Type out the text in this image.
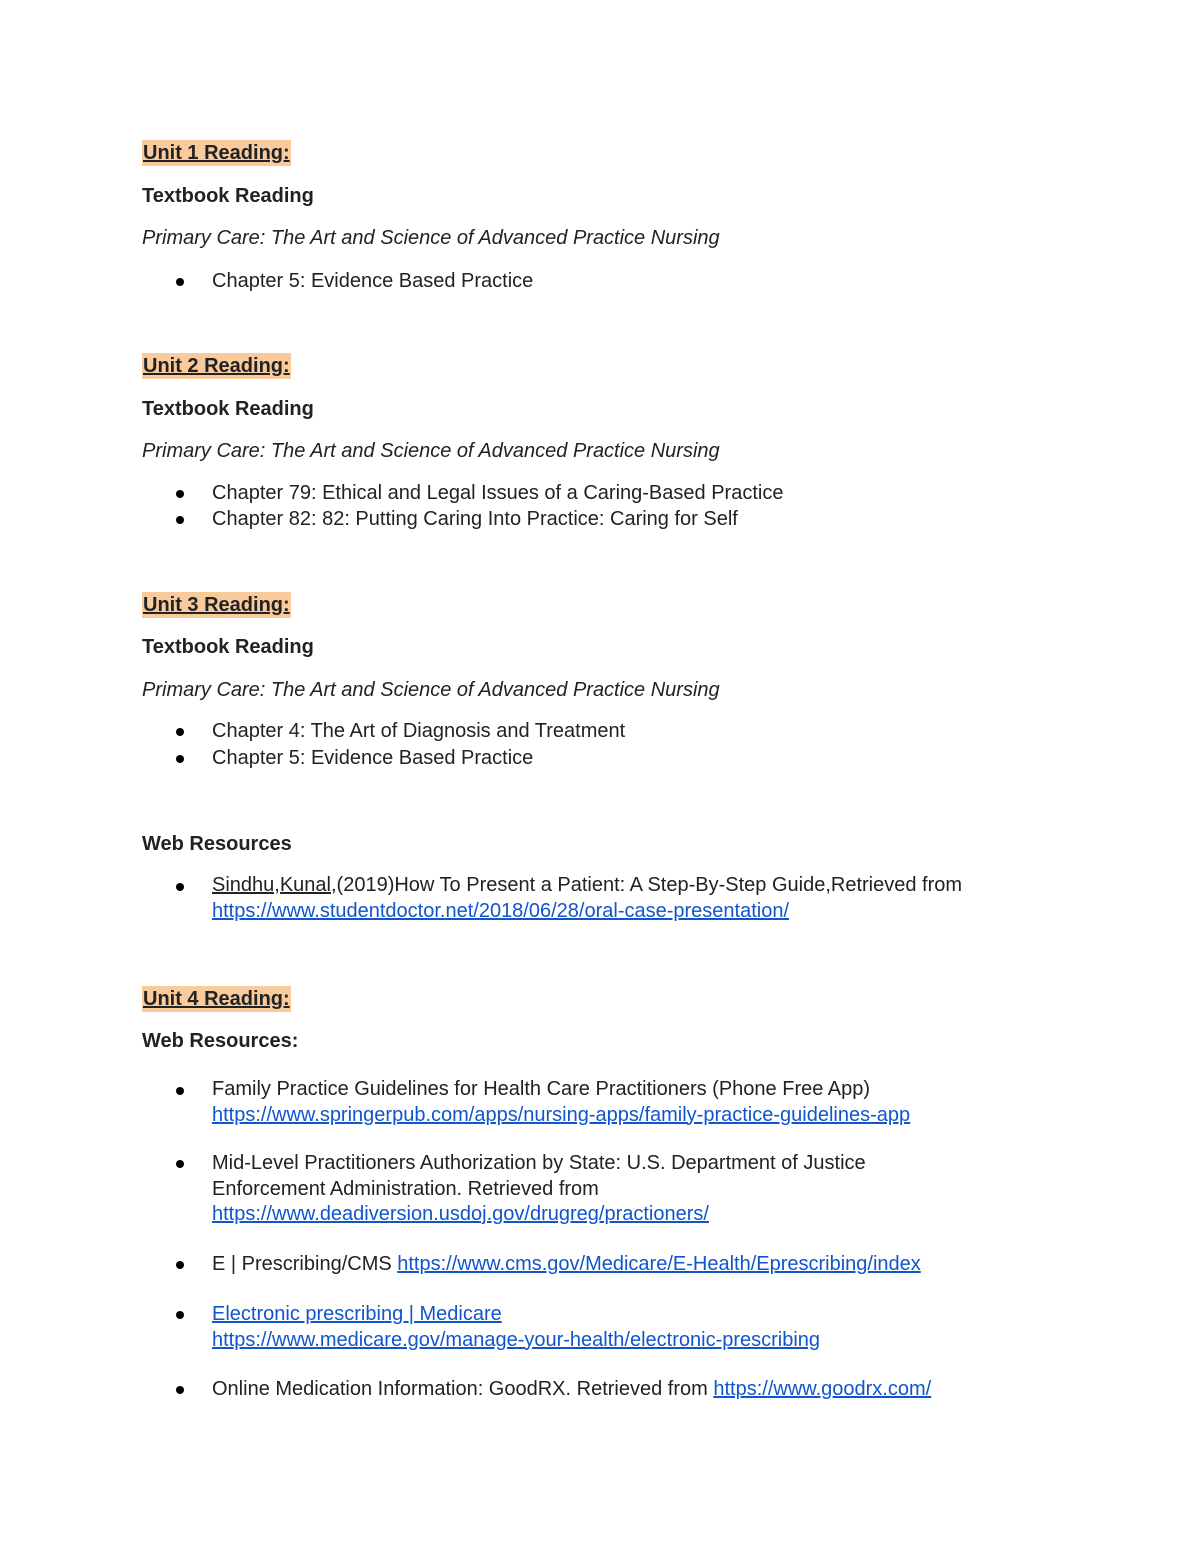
Unit 1 Reading:
Textbook Reading
Primary Care: The Art and Science of Advanced Practice Nursing
Chapter 5: Evidence Based Practice
Unit 2 Reading:
Textbook Reading
Primary Care: The Art and Science of Advanced Practice Nursing
Chapter 79: Ethical and Legal Issues of a Caring-Based Practice
Chapter 82: 82: Putting Caring Into Practice: Caring for Self
Unit 3 Reading:
Textbook Reading
Primary Care: The Art and Science of Advanced Practice Nursing
Chapter 4: The Art of Diagnosis and Treatment
Chapter 5: Evidence Based Practice
Web Resources
Sindhu,Kunal,(2019)How To Present a Patient: A Step-By-Step Guide,Retrieved from
https://www.studentdoctor.net/2018/06/28/oral-case-presentation/
Unit 4 Reading:
Web Resources:
Family Practice Guidelines for Health Care Practitioners (Phone Free App)
https://www.springerpub.com/apps/nursing-apps/family-practice-guidelines-app
Mid-Level Practitioners Authorization by State: U.S. Department of Justice
Enforcement Administration. Retrieved from
https://www.deadiversion.usdoj.gov/drugreg/practioners/
E | Prescribing/CMS https://www.cms.gov/Medicare/E-Health/Eprescribing/index
Electronic prescribing | Medicare
https://www.medicare.gov/manage-your-health/electronic-prescribing
Online Medication Information: GoodRX. Retrieved from https://www.goodrx.com/
